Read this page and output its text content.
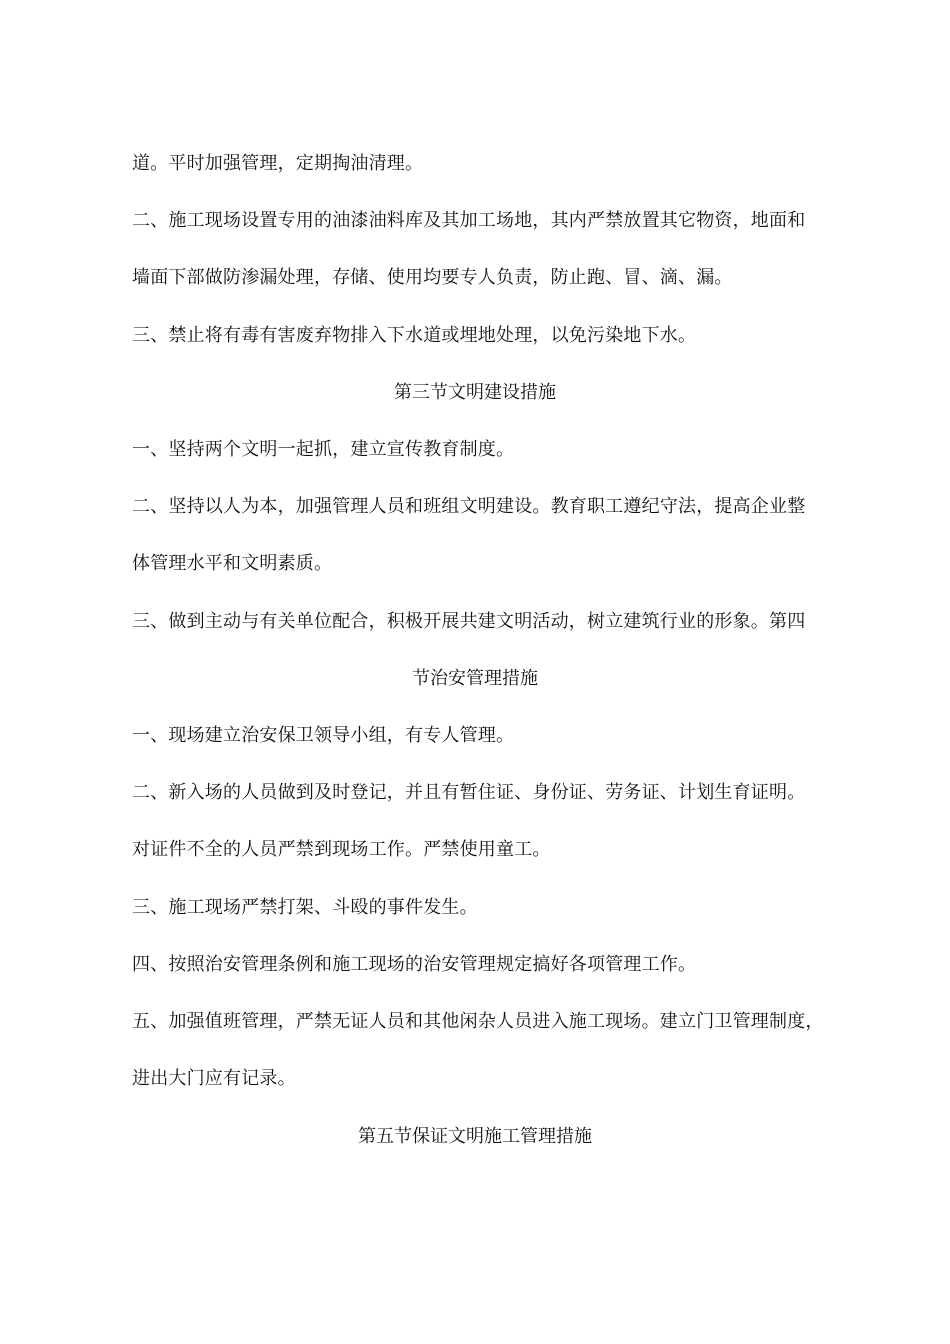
道。平时加强管理，定期掏油清理。
二、施工现场设置专用的油漆油料库及其加工场地，其内严禁放置其它物资，地面和
墙面下部做防渗漏处理，存储、使用均要专人负责，防止跑、冒、滴、漏。
三、禁止将有毒有害废弃物排入下水道或埋地处理，以免污染地下水。
第三节文明建设措施
一、坚持两个文明一起抓，建立宣传教育制度。
二、坚持以人为本，加强管理人员和班组文明建设。教育职工遵纪守法，提高企业整
体管理水平和文明素质。
三、做到主动与有关单位配合，积极开展共建文明活动，树立建筑行业的形象。第四
节治安管理措施
一、现场建立治安保卫领导小组，有专人管理。
二、新入场的人员做到及时登记，并且有暂住证、身份证、劳务证、计划生育证明。
对证件不全的人员严禁到现场工作。严禁使用童工。
三、施工现场严禁打架、斗殴的事件发生。
四、按照治安管理条例和施工现场的治安管理规定搞好各项管理工作。
五、加强值班管理，严禁无证人员和其他闲杂人员进入施工现场。建立门卫管理制度，
进出大门应有记录。
第五节保证文明施工管理措施
